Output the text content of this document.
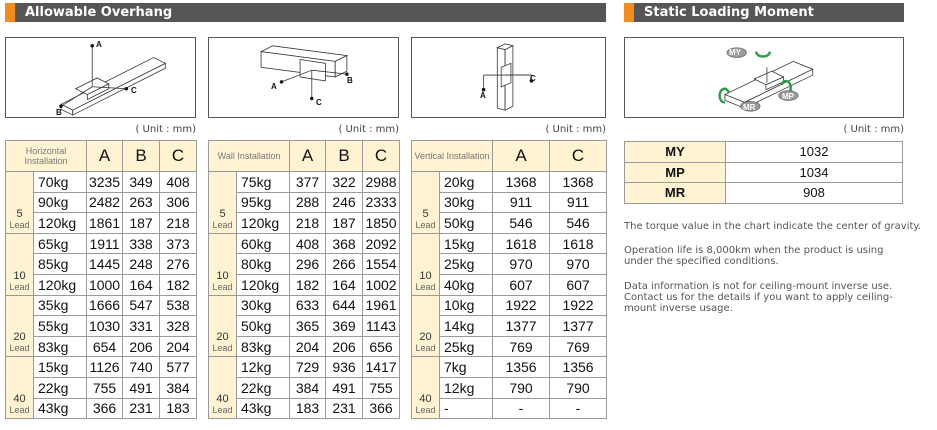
Allowable Overhang	Static Loading Moment
A
C
B
A
C
B
A
C
MY
MP
MR
( Unit : mm)	( Unit : mm)	( Unit : mm)	( Unit : mm)
Horizontal Installation		A	B	C
5
Lead	70kg	3235	349	408
	90kg	2482	263	306
	120kg	1861	187	218
10
Lead	65kg	1911	338	373
	85kg	1445	248	276
	120kg	1000	164	182
20
Lead	35kg	1666	547	538
	55kg	1030	331	328
	83kg	654	206	204
40
Lead	15kg	1126	740	577
	22kg	755	491	384
	43kg	366	231	183
Wall Installation		A	B	C
5
Lead	75kg	377	322	2988
	95kg	288	246	2333
	120kg	218	187	1850
10
Lead	60kg	408	368	2092
	80kg	296	266	1554
	120kg	182	164	1002
20
Lead	30kg	633	644	1961
	50kg	365	369	1143
	83kg	204	206	656
40
Lead	12kg	729	936	1417
	22kg	384	491	755
	43kg	183	231	366
Vertical Installation		A	C
5
Lead	20kg	1368	1368
	30kg	911	911
	50kg	546	546
10
Lead	15kg	1618	1618
	25kg	970	970
	40kg	607	607
20
Lead	10kg	1922	1922
	14kg	1377	1377
	25kg	769	769
40
Lead	7kg	1356	1356
	12kg	790	790
	-	-	-
MY	1032
MP	1034
MR	908
The torque value in the chart indicate the center of gravity.
Operation life is 8,000km when the product is using under the specified conditions.
Data information is not for ceiling-mount inverse use. Contact us for the details if you want to apply ceiling-mount inverse usage.
